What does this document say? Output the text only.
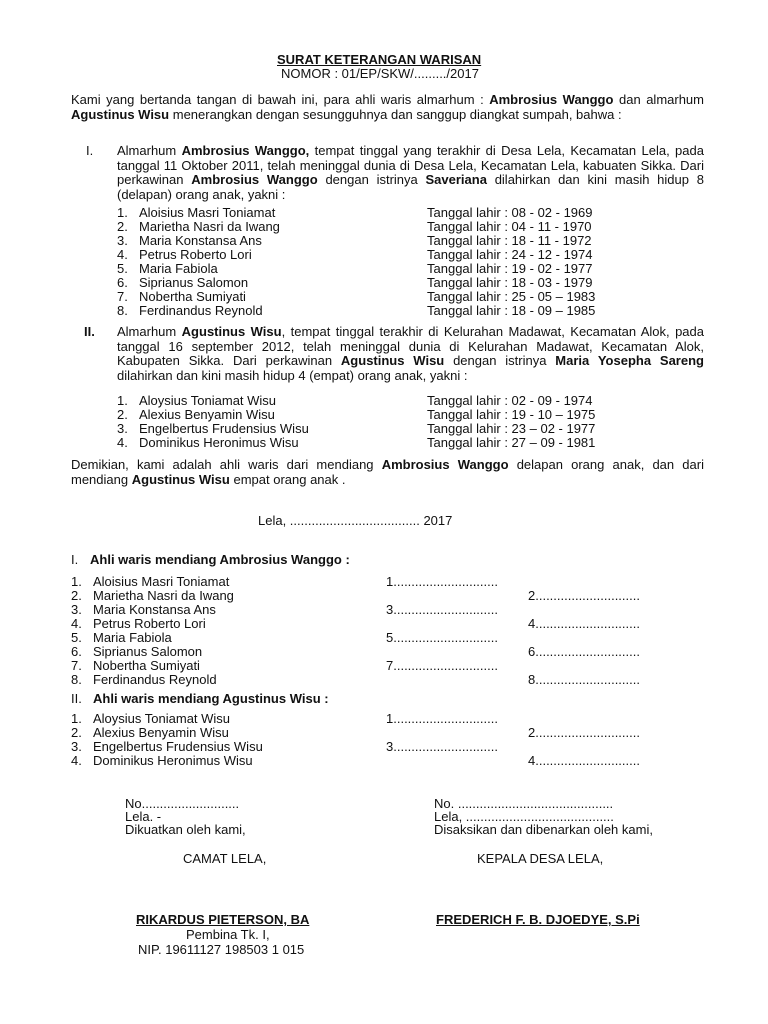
SURAT KETERANGAN WARISAN
NOMOR : 01/EP/SKW/........./2017
Kami yang bertanda tangan di bawah ini, para ahli waris almarhum : Ambrosius Wanggo dan almarhum Agustinus Wisu menerangkan dengan sesungguhnya dan sanggup diangkat sumpah, bahwa :
I. Almarhum Ambrosius Wanggo, tempat tinggal yang terakhir di Desa Lela, Kecamatan Lela, pada tanggal 11 Oktober 2011, telah meninggal dunia di Desa Lela, Kecamatan Lela, kabuaten Sikka. Dari perkawinan Ambrosius Wanggo dengan istrinya Saveriana dilahirkan dan kini masih hidup 8 (delapan) orang anak, yakni :
1. Aloisius Masri Toniamat	Tanggal lahir : 08 - 02 - 1969
2. Marietha Nasri da Iwang	Tanggal lahir : 04 - 11 - 1970
3. Maria Konstansa Ans	Tanggal lahir : 18 - 11 - 1972
4. Petrus Roberto Lori	Tanggal lahir : 24 - 12 - 1974
5. Maria Fabiola	Tanggal lahir : 19 - 02 - 1977
6. Siprianus Salomon	Tanggal lahir : 18 - 03 - 1979
7. Nobertha Sumiyati	Tanggal lahir : 25 - 05 – 1983
8. Ferdinandus Reynold	Tanggal lahir : 18 - 09 – 1985
II. Almarhum Agustinus Wisu, tempat tinggal terakhir di Kelurahan Madawat, Kecamatan Alok, pada tanggal 16 september 2012, telah meninggal dunia di Kelurahan Madawat, Kecamatan Alok, Kabupaten Sikka. Dari perkawinan Agustinus Wisu dengan istrinya Maria Yosepha Sareng dilahirkan dan kini masih hidup 4 (empat) orang anak, yakni :
1. Aloysius Toniamat Wisu	Tanggal lahir : 02 - 09 - 1974
2. Alexius Benyamin Wisu	Tanggal lahir : 19 - 10 – 1975
3. Engelbertus Frudensius Wisu	Tanggal lahir : 23 – 02 - 1977
4. Dominikus Heronimus Wisu	Tanggal lahir : 27 – 09 - 1981
Demikian, kami adalah ahli waris dari mendiang Ambrosius Wanggo delapan orang anak, dan dari mendiang Agustinus Wisu empat orang anak .
Lela, .................................... 2017
I. Ahli waris mendiang Ambrosius Wanggo :
1. Aloisius Masri Toniamat	1.............................
2. Marietha Nasri da Iwang	2.............................
3. Maria Konstansa Ans	3.............................
4. Petrus Roberto Lori	4.............................
5. Maria Fabiola	5.............................
6. Siprianus Salomon	6.............................
7. Nobertha Sumiyati	7.............................
8. Ferdinandus Reynold	8.............................
II. Ahli waris mendiang Agustinus Wisu :
1. Aloysius Toniamat Wisu	1.............................
2. Alexius Benyamin Wisu	2.............................
3. Engelbertus Frudensius Wisu	3.............................
4. Dominikus Heronimus Wisu	4.............................
No...........................
Lela. -
Dikuatkan oleh kami,
No. ...........................................
Lela, .........................................
Disaksikan dan dibenarkan oleh kami,
CAMAT LELA,	KEPALA DESA LELA,
RIKARDUS PIETERSON, BA	FREDERICH F. B. DJOEDYE, S.Pi
Pembina Tk. I,
NIP. 19611127 198503 1 015
